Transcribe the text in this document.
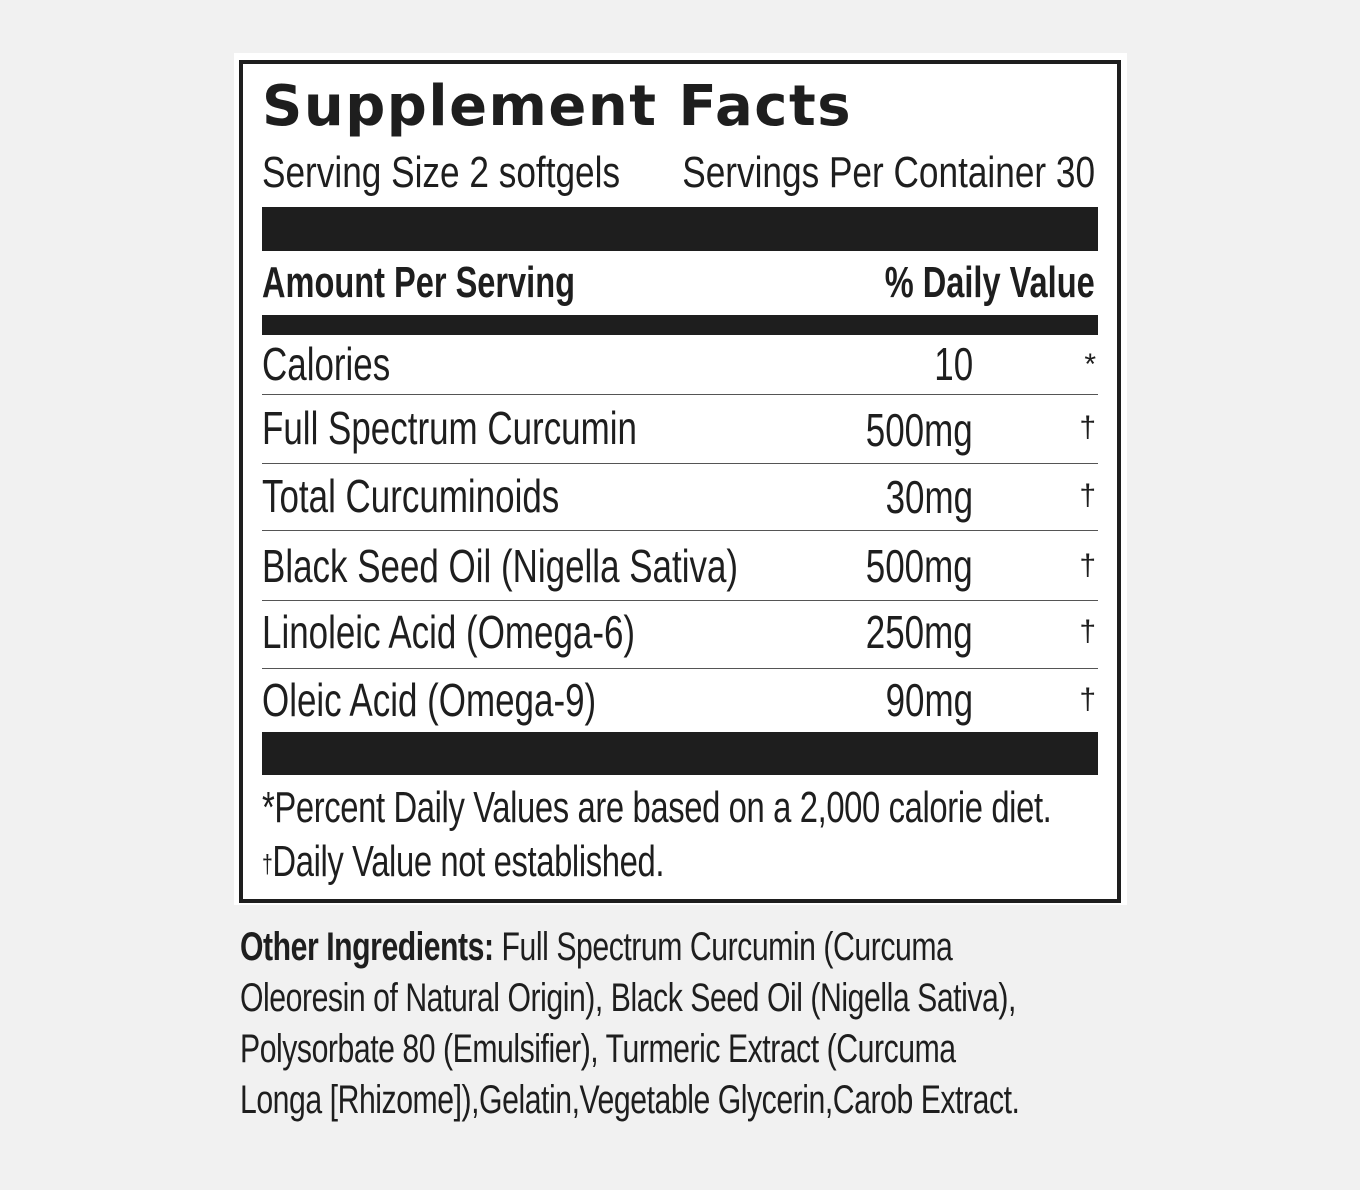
Supplement Facts
Serving Size 2 softgels Servings Per Container 30
Amount Per Serving	% Daily Value
Calories	10	*
Full Spectrum Curcumin	500mg	†
Total Curcuminoids	30mg	†
Black Seed Oil (Nigella Sativa)	500mg	†
Linoleic Acid (Omega-6)	250mg	†
Oleic Acid (Omega-9)	90mg	†
*Percent Daily Values are based on a 2,000 calorie diet.
†Daily Value not established.
Other Ingredients: Full Spectrum Curcumin (Curcuma
Oleoresin of Natural Origin), Black Seed Oil (Nigella Sativa),
Polysorbate 80 (Emulsifier), Turmeric Extract (Curcuma
Longa [Rhizome]),Gelatin,Vegetable Glycerin,Carob Extract.
